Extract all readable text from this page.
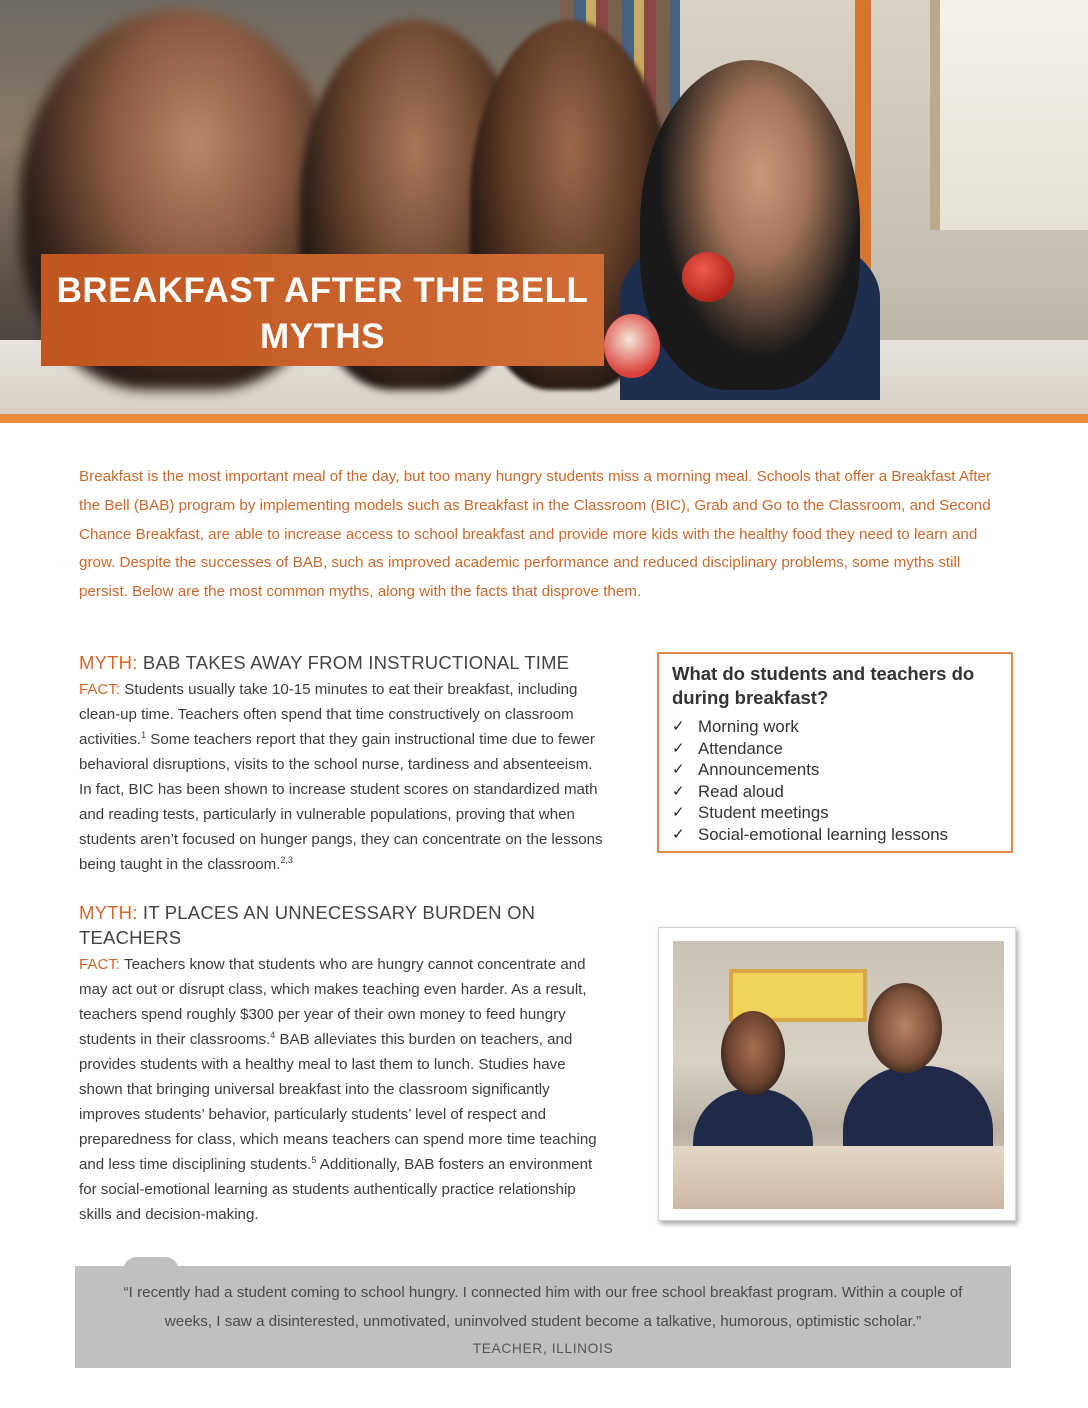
BREAKFAST AFTER THE BELL
MYTHS
Breakfast is the most important meal of the day, but too many hungry students miss a morning meal. Schools that offer a Breakfast After the Bell (BAB) program by implementing models such as Breakfast in the Classroom (BIC), Grab and Go to the Classroom, and Second Chance Breakfast, are able to increase access to school breakfast and provide more kids with the healthy food they need to learn and grow. Despite the successes of BAB, such as improved academic performance and reduced disciplinary problems, some myths still persist. Below are the most common myths, along with the facts that disprove them.
MYTH: BAB TAKES AWAY FROM INSTRUCTIONAL TIME
FACT: Students usually take 10-15 minutes to eat their breakfast, including clean-up time. Teachers often spend that time constructively on classroom activities.$^1$ Some teachers report that they gain instructional time due to fewer behavioral disruptions, visits to the school nurse, tardiness and absenteeism. In fact, BIC has been shown to increase student scores on standardized math and reading tests, particularly in vulnerable populations, proving that when students aren’t focused on hunger pangs, they can concentrate on the lessons being taught in the classroom.$^{2,3}$
MYTH: IT PLACES AN UNNECESSARY BURDEN ON TEACHERS
FACT: Teachers know that students who are hungry cannot concentrate and may act out or disrupt class, which makes teaching even harder. As a result, teachers spend roughly $300 per year of their own money to feed hungry students in their classrooms.$^4$ BAB alleviates this burden on teachers, and provides students with a healthy meal to last them to lunch. Studies have shown that bringing universal breakfast into the classroom significantly improves students’ behavior, particularly students’ level of respect and preparedness for class, which means teachers can spend more time teaching and less time disciplining students.$^5$ Additionally, BAB fosters an environment for social-emotional learning as students authentically practice relationship skills and decision-making.
What do students and teachers do during breakfast?
✓ Morning work
✓ Attendance
✓ Announcements
✓ Read aloud
✓ Student meetings
✓ Social-emotional learning lessons
“I recently had a student coming to school hungry. I connected him with our free school breakfast program. Within a couple of weeks, I saw a disinterested, unmotivated, uninvolved student become a talkative, humorous, optimistic scholar.”
TEACHER, ILLINOIS
